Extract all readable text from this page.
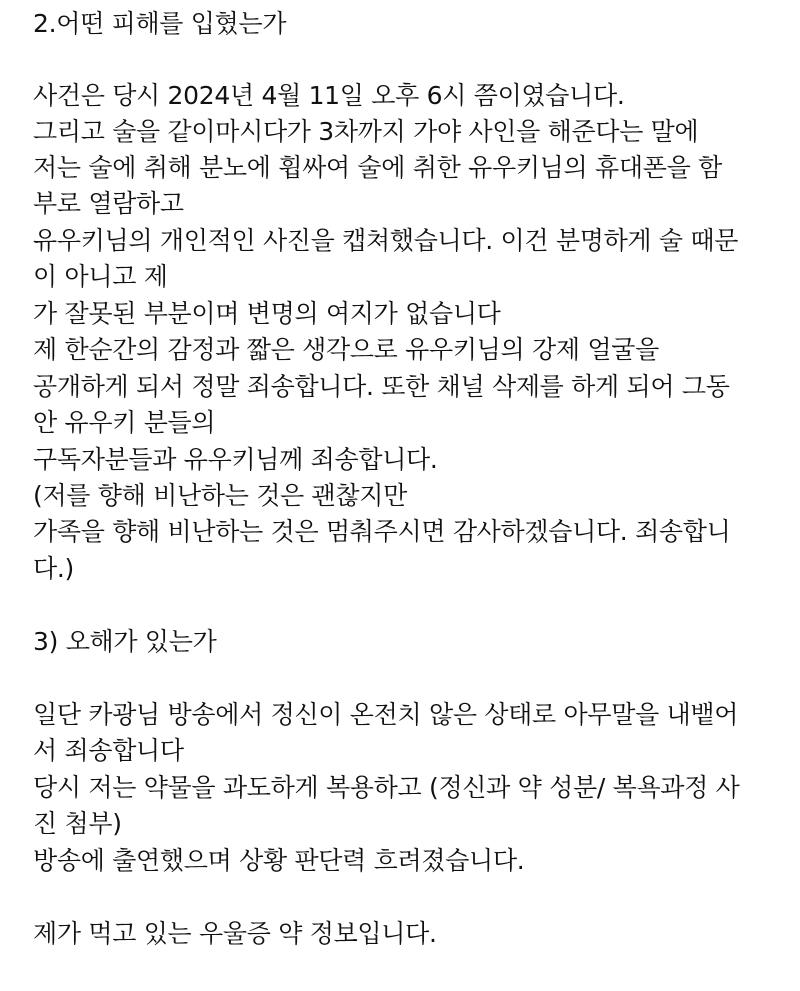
2.어떤 피해를 입혔는가
사건은 당시 2024년 4월 11일 오후 6시 쯤이였습니다.
그리고 술을 같이마시다가 3차까지 가야 사인을 해준다는 말에
저는 술에 취해 분노에 휩싸여 술에 취한 유우키님의 휴대폰을 함
부로 열람하고
유우키님의 개인적인 사진을 캡쳐했습니다. 이건 분명하게 술 때문
이 아니고 제
가 잘못된 부분이며 변명의 여지가 없습니다
제 한순간의 감정과 짧은 생각으로 유우키님의 강제 얼굴을
공개하게 되서 정말 죄송합니다. 또한 채널 삭제를 하게 되어 그동
안 유우키 분들의
구독자분들과 유우키님께 죄송합니다.
(저를 향해 비난하는 것은 괜찮지만
가족을 향해 비난하는 것은 멈춰주시면 감사하겠습니다. 죄송합니
다.)
3) 오해가 있는가
일단 카광님 방송에서 정신이 온전치 않은 상태로 아무말을 내뱉어
서 죄송합니다
당시 저는 약물을 과도하게 복용하고 (정신과 약 성분/ 복욕과정 사
진 첨부)
방송에 출연했으며 상황 판단력 흐려졌습니다.
제가 먹고 있는 우울증 약 정보입니다.
